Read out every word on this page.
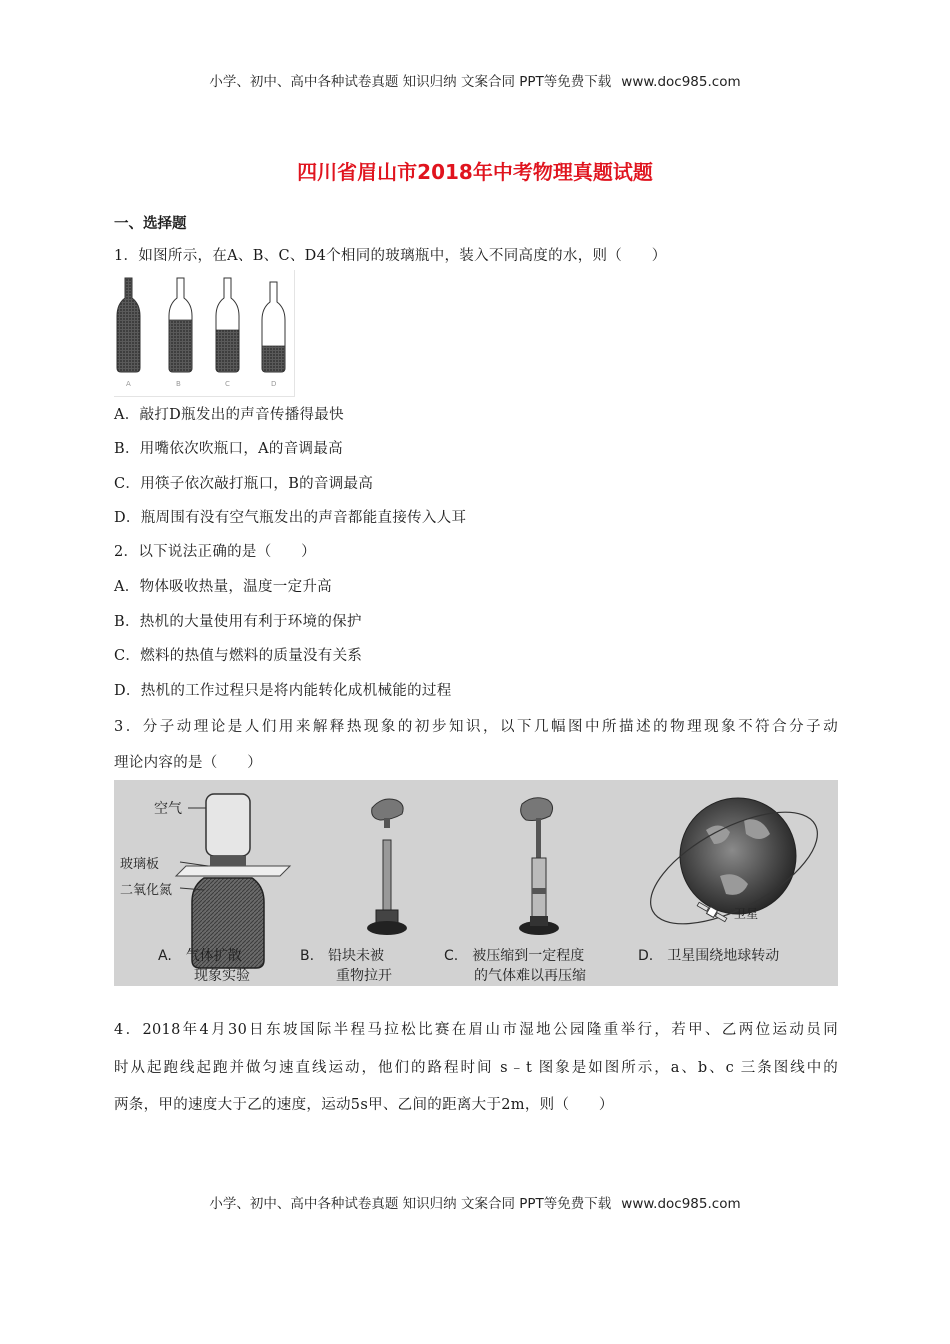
小学、初中、高中各种试卷真题 知识归纳 文案合同 PPT等免费下载 www.doc985.com
四川省眉山市2018年中考物理真题试题
一、选择题
1．如图所示，在A、B、C、D4个相同的玻璃瓶中，装入不同高度的水，则（　　）
A	B	C	D
A．敲打D瓶发出的声音传播得最快
B．用嘴依次吹瓶口，A的音调最高
C．用筷子依次敲打瓶口，B的音调最高
D．瓶周围有没有空气瓶发出的声音都能直接传入人耳
2．以下说法正确的是（　　）
A．物体吸收热量，温度一定升高
B．热机的大量使用有利于环境的保护
C．燃料的热值与燃料的质量没有关系
D．热机的工作过程只是将内能转化成机械能的过程
3．分子动理论是人们用来解释热现象的初步知识，以下几幅图中所描述的物理现象不符合分子动
理论内容的是（　　）
空气
玻璃板
二氧化氮
A.　气体扩散
现象实验
B.　铅块未被
重物拉开
C.　被压缩到一定程度
的气体难以再压缩
卫星
D.　卫星围绕地球转动
4．2018年4月30日东坡国际半程马拉松比赛在眉山市湿地公园隆重举行，若甲、乙两位运动员同
时从起跑线起跑并做匀速直线运动，他们的路程时间 s﹣t 图象是如图所示，a、b、c 三条图线中的
两条，甲的速度大于乙的速度，运动5s甲、乙间的距离大于2m，则（　　）
小学、初中、高中各种试卷真题 知识归纳 文案合同 PPT等免费下载 www.doc985.com
